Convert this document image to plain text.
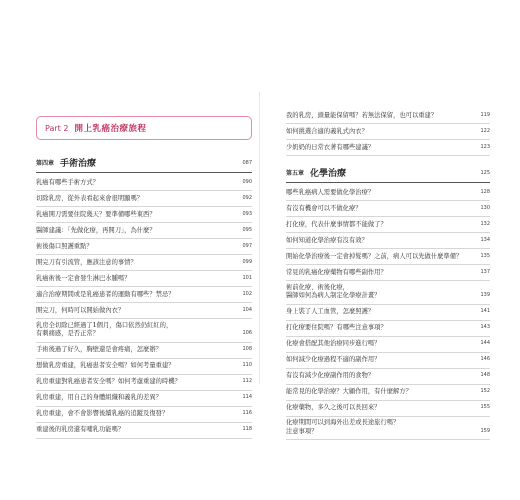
Part 2 開上乳癌治療旅程
第四章 手術治療	087
乳癌有哪些手術方式？	090
切除乳房，從外表看起來會很明顯嗎？	092
乳癌開刀需要住院幾天？要準備哪些東西？	093
醫師建議：「先做化療，再開刀」，為什麼？	095
術後傷口照護重點？	097
開完刀有引流管，應該注意的事情？	099
乳癌術後一定會發生淋巴水腫嗎？	101
適合治療期間或是乳癌患者的運動有哪些？禁忌？	102
開完刀，何時可以開始做內衣？	104
乳房全切除已經過了1個月，傷口依然仍紅紅的，
有刺痛感，是否正常？	106
手術後過了好久，胸壁還是會疼痛，怎麼辦？	108
想做乳房重建，乳癌患者安全嗎？如何考量重建？	110
乳房重建對乳癌患者安全嗎？如何考慮重建的時機？	112
乳房重建，用自己的身體組織和義乳的差異？	114
乳房重建，會不會影響後續乳癌的追蹤及復發？	116
重建後的乳房還有哺乳功能嗎？	118
我的乳房，頭量能保留嗎？若無法保留，也可以重建？	119
如何挑選合適的義乳式內衣？	122
少奶奶的日常衣著有哪些建議？	123
第五章 化學治療	125
哪些乳癌病人需要做化學治療？	128
有沒有機會可以不做化療？	130
打化療，代表什麼事情都不能做了？	132
如何知道化學治療有沒有效？	134
開始化學治療後一定會掉髮嗎？之前，病人可以先做什麼準備？	135
常見的乳癌化療藥物有哪些副作用？	137
術前化療、術後化療，
醫師如何為病人制定化學療計畫？	139
身上裝了人工血管，怎麼照護？	141
打化療要住院嗎？有哪些注意事項？	143
化療會搭配其他治療同步進行嗎？	144
如何減少化療過程不適的副作用？	146
有沒有減少化療副作用的食物？	148
能常見的化學治療？大顧作用，有什麼解方？	152
化療藥物，多久之後可以長回來？	155
化療期間可以到海外出差或長途旅行嗎？
注意事項？	159
